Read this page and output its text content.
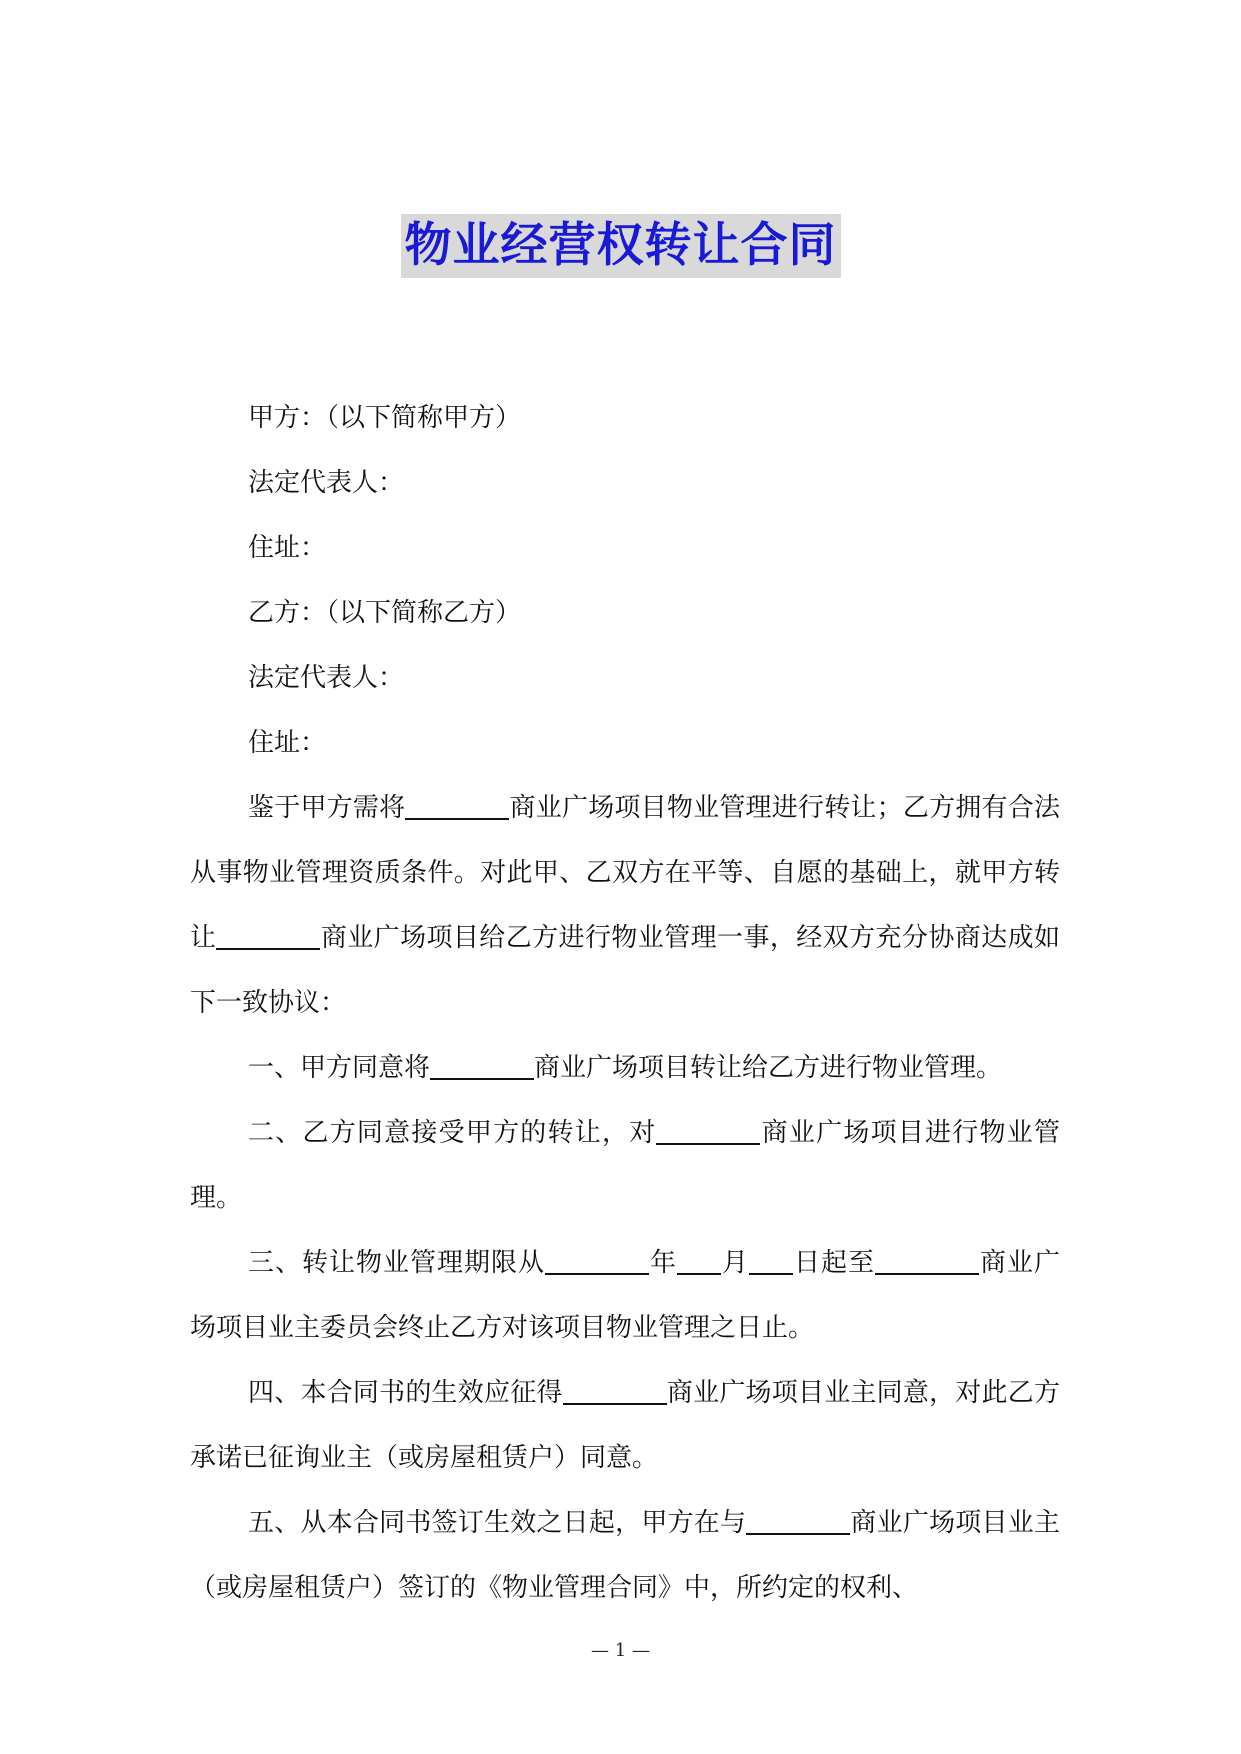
物业经营权转让合同

甲方：（以下简称甲方）

法定代表人：

住址：

乙方：（以下简称乙方）

法定代表人：

住址：

鉴于甲方需将	商业广场项目物业管理进行转让；乙方拥有合法从事物业管理资质条件。对此甲、乙双方在平等、自愿的基础上，就甲方转让	商业广场项目给乙方进行物业管理一事，经双方充分协商达成如下一致协议：

一、甲方同意将	商业广场项目转让给乙方进行物业管理。

二、乙方同意接受甲方的转让，对	商业广场项目进行物业管理。

三、转让物业管理期限从	年 月 日起至	商业广场项目业主委员会终止乙方对该项目物业管理之日止。

四、本合同书的生效应征得	商业广场项目业主同意，对此乙方承诺已征询业主（或房屋租赁户）同意。

五、从本合同书签订生效之日起，甲方在与	商业广场项目业主（或房屋租赁户）签订的《物业管理合同》中，所约定的权利、

— 1 —
